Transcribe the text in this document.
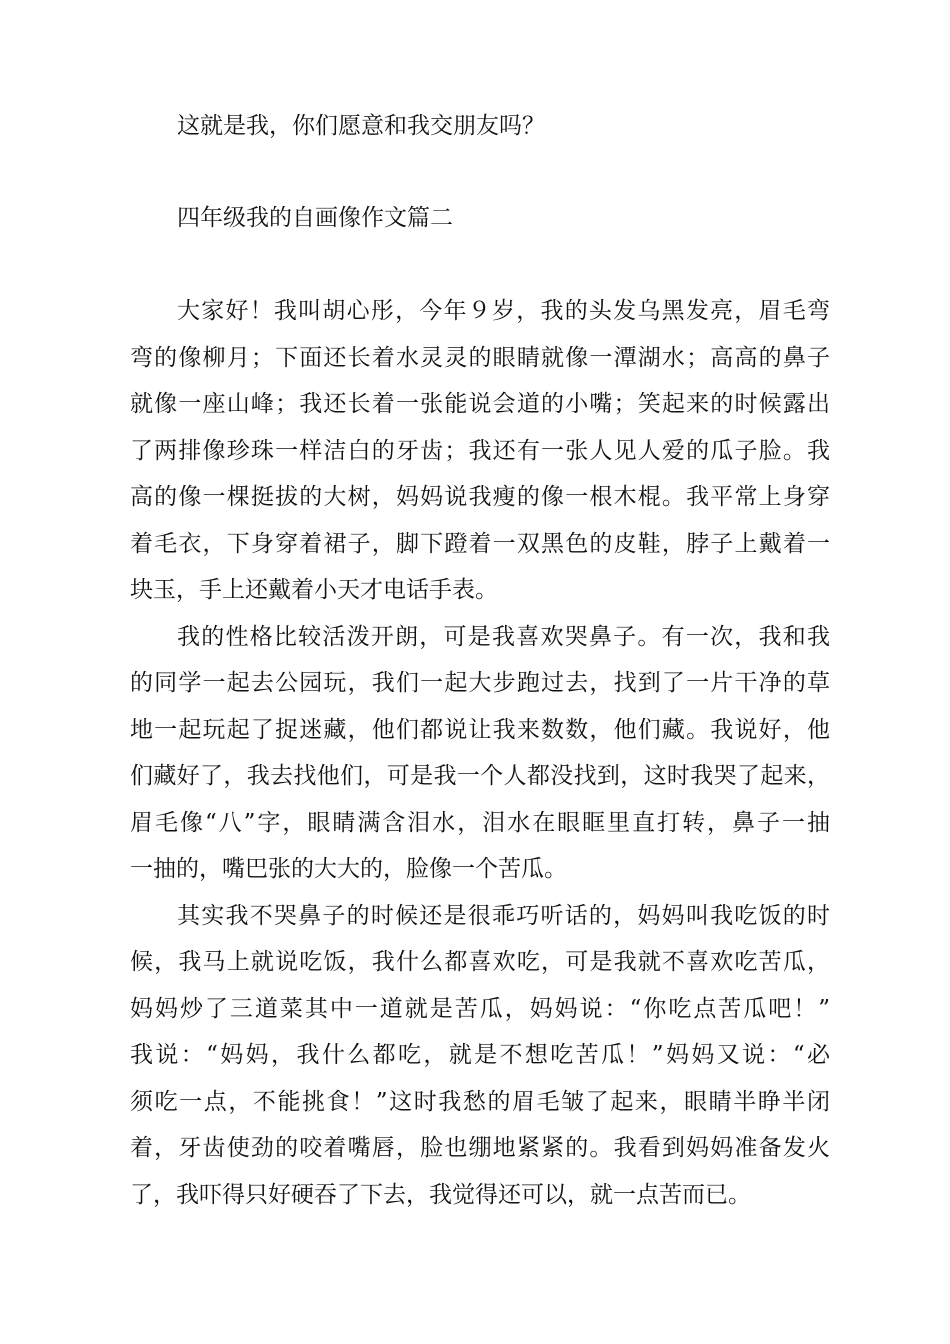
这就是我，你们愿意和我交朋友吗？

四年级我的自画像作文篇二

大家好！我叫胡心彤，今年９岁，我的头发乌黑发亮，眉毛弯

弯的像柳月；下面还长着水灵灵的眼睛就像一潭湖水；高高的鼻子

就像一座山峰；我还长着一张能说会道的小嘴；笑起来的时候露出

了两排像珍珠一样洁白的牙齿；我还有一张人见人爱的瓜子脸。我

高的像一棵挺拔的大树，妈妈说我瘦的像一根木棍。我平常上身穿

着毛衣，下身穿着裙子，脚下蹬着一双黑色的皮鞋，脖子上戴着一

块玉，手上还戴着小天才电话手表。

我的性格比较活泼开朗，可是我喜欢哭鼻子。有一次，我和我

的同学一起去公园玩，我们一起大步跑过去，找到了一片干净的草

地一起玩起了捉迷藏，他们都说让我来数数，他们藏。我说好，他

们藏好了，我去找他们，可是我一个人都没找到，这时我哭了起来，

眉毛像“八”字，眼睛满含泪水，泪水在眼眶里直打转，鼻子一抽

一抽的，嘴巴张的大大的，脸像一个苦瓜。

其实我不哭鼻子的时候还是很乖巧听话的，妈妈叫我吃饭的时

候，我马上就说吃饭，我什么都喜欢吃，可是我就不喜欢吃苦瓜，

妈妈炒了三道菜其中一道就是苦瓜，妈妈说：“你吃点苦瓜吧！”

我说：“妈妈，我什么都吃，就是不想吃苦瓜！”妈妈又说：“必

须吃一点，不能挑食！”这时我愁的眉毛皱了起来，眼睛半睁半闭

着，牙齿使劲的咬着嘴唇，脸也绷地紧紧的。我看到妈妈准备发火

了，我吓得只好硬吞了下去，我觉得还可以，就一点苦而已。
